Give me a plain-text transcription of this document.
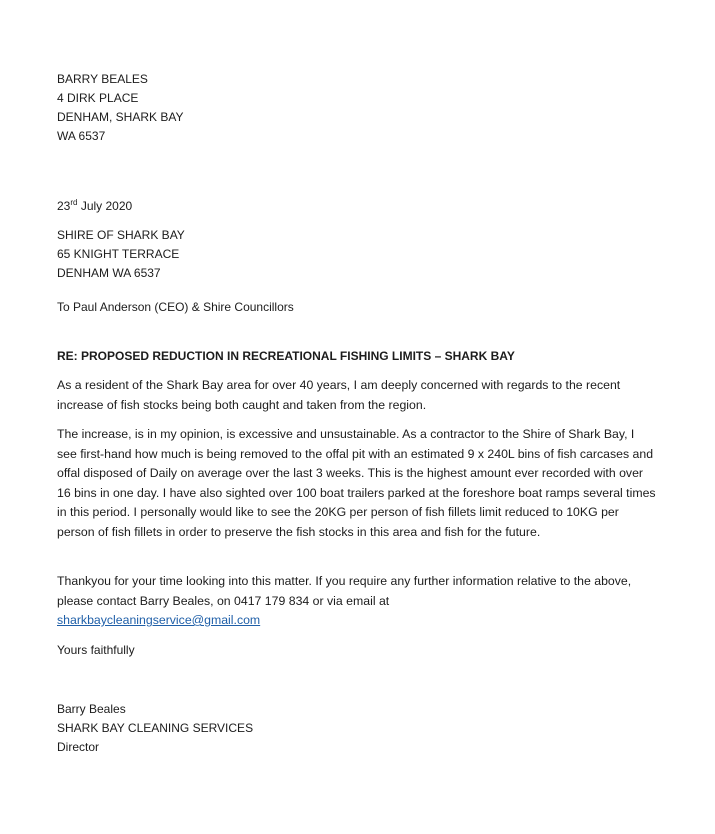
BARRY BEALES
4 DIRK PLACE
DENHAM, SHARK BAY
WA 6537
23rd July 2020
SHIRE OF SHARK BAY
65 KNIGHT TERRACE
DENHAM WA 6537
To Paul Anderson (CEO) & Shire Councillors
RE: PROPOSED REDUCTION IN RECREATIONAL FISHING LIMITS – SHARK BAY

As a resident of the Shark Bay area for over 40 years, I am deeply concerned with regards to the recent increase of fish stocks being both caught and taken from the region.

The increase, is in my opinion, is excessive and unsustainable. As a contractor to the Shire of Shark Bay, I see first-hand how much is being removed to the offal pit with an estimated 9 x 240L bins of fish carcases and offal disposed of Daily on average over the last 3 weeks. This is the highest amount ever recorded with over 16 bins in one day. I have also sighted over 100 boat trailers parked at the foreshore boat ramps several times in this period. I personally would like to see the 20KG per person of fish fillets limit reduced to 10KG per person of fish fillets in order to preserve the fish stocks in this area and fish for the future.

Thankyou for your time looking into this matter. If you require any further information relative to the above, please contact Barry Beales, on 0417 179 834 or via email at
sharkbaycleaningservice@gmail.com

Yours faithfully
Barry Beales
SHARK BAY CLEANING SERVICES
Director
